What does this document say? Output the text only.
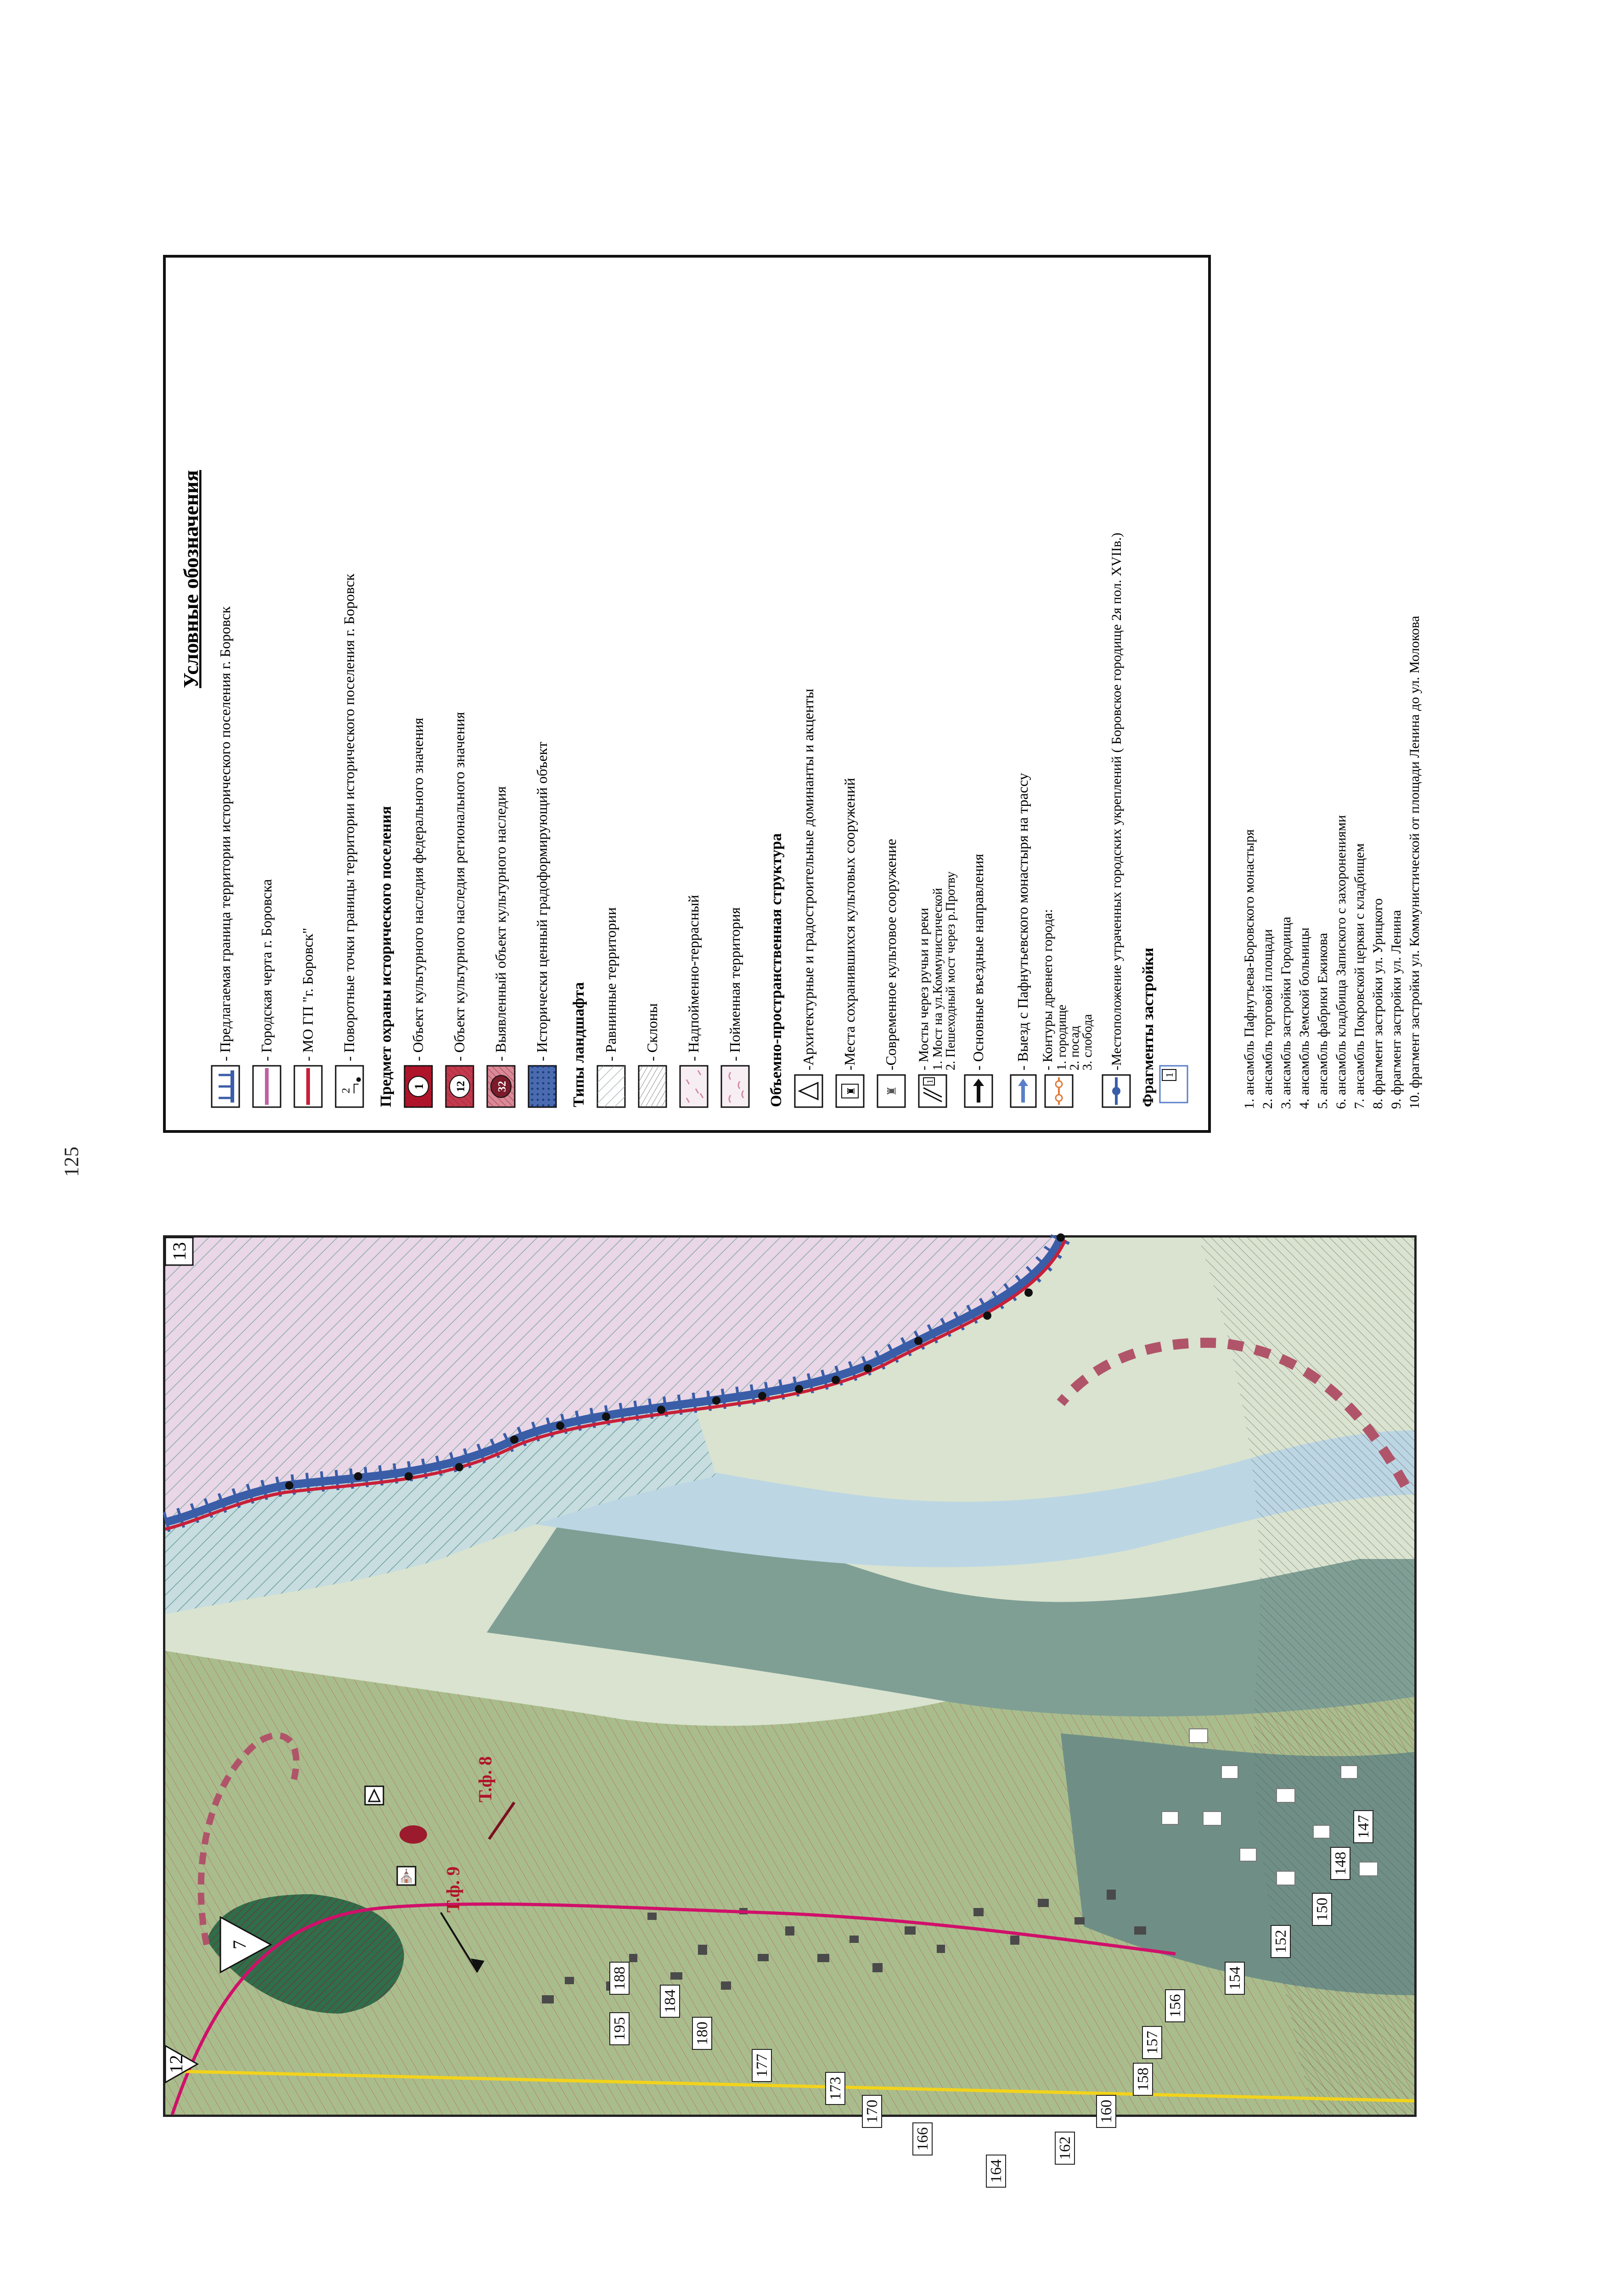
125
147
148
150
152
154
156
157
158
160
162
164
166
170
173
177
180
184
188
195
13
12
7
Т.ф. 8
Т.ф. 9
⛪
Условные обозначения
- Предлагаемая граница территории исторического поселения г. Боровск - Городская черта г. Боровска - МО ГП "г. Боровск"
2
- Поворотные точки границы территории исторического поселения г. Боровск Предмет охраны исторического поселения 1
- Объект культурного наследия федерального значения
12
- Объект культурного наследия регионального значения
32
- Выявленный объект культурного наследия - Исторически ценный градоформирующий объект Типы ландшафта - Равнинные территории - Склоны - Надпойменно-террасный - Пойменная территория Объемно-пространственная структура -Архитектурные и градостроительные доминанты и акценты
♜
-Места сохранившихся культовых сооружений
♜
-Современное культовое сооружение
1
- Мосты через ручьи и реки 1. Мост на ул.Коммунистической
2. Пешеходный мост через р.Протву - Основные въездные направления - Выезд с Пафнутьевского монастыря на трассу - Контуры древнего города: 1. городище
2. посад
3. слобода -Местоположение утраченных городских укреплений ( Боровское городище 2я пол. XVIIв.) Фрагменты застройки 1	1. ансамбль Пафнутьева-Боровского монастыря 2. ансамбль торговой площади 3. ансамбль застройки Городища 4. ансамбль Земской больницы 5. ансамбль фабрики Ежикова 6. ансамбль кладбища Запиского с захоронениями 7. ансамбль Покровской церкви с кладбищем 8. фрагмент застройки ул. Урицкого 9. фрагмент застройки ул. Ленина 10. фрагмент застройки ул. Коммунистической от площади Ленина до ул. Молокова
